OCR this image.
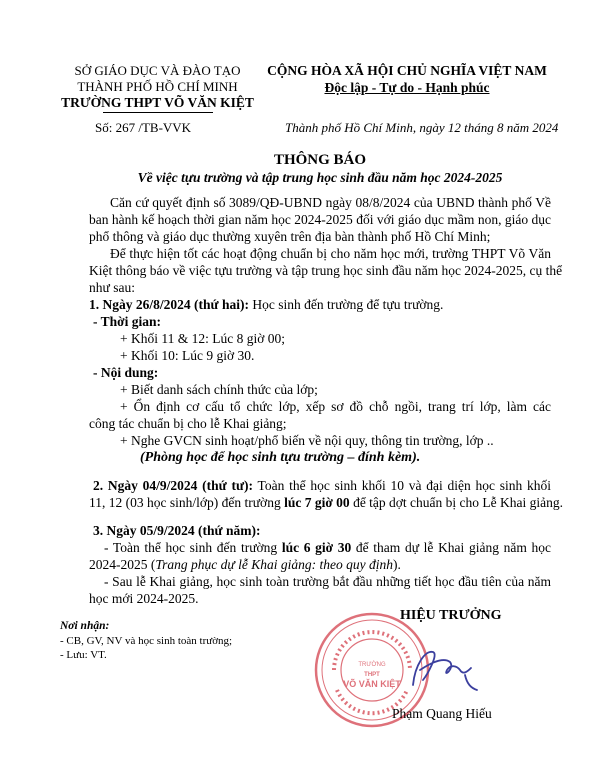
SỞ GIÁO DỤC VÀ ĐÀO TẠO
THÀNH PHỐ HỒ CHÍ MINH
TRƯỜNG THPT VÕ VĂN KIỆT
CỘNG HÒA XÃ HỘI CHỦ NGHĨA VIỆT NAM
Độc lập - Tự do - Hạnh phúc
Số: 267 /TB-VVK	Thành phố Hồ Chí Minh, ngày 12 tháng 8 năm 2024
THÔNG BÁO
Về việc tựu trường và tập trung học sinh đầu năm học 2024-2025
Căn cứ quyết định số 3089/QĐ-UBND ngày 08/8/2024 của UBND thành phố Về
ban hành kế hoạch thời gian năm học 2024-2025 đối với giáo dục mầm non, giáo dục
phổ thông và giáo dục thường xuyên trên địa bàn thành phố Hồ Chí Minh;
Để thực hiện tốt các hoạt động chuẩn bị cho năm học mới, trường THPT Võ Văn
Kiệt thông báo về việc tựu trường và tập trung học sinh đầu năm học 2024-2025, cụ thể
như sau:
1. Ngày 26/8/2024 (thứ hai): Học sinh đến trường để tựu trường.
- Thời gian:
+ Khối 11 & 12: Lúc 8 giờ 00;
+ Khối 10: Lúc 9 giờ 30.
- Nội dung:
+ Biết danh sách chính thức của lớp;
+ Ổn định cơ cấu tổ chức lớp, xếp sơ đồ chỗ ngồi, trang trí lớp, làm các
công tác chuẩn bị cho lễ Khai giảng;
+ Nghe GVCN sinh hoạt/phổ biến về nội quy, thông tin trường, lớp ..
(Phòng học để học sinh tựu trường – đính kèm).
2. Ngày 04/9/2024 (thứ tư): Toàn thể học sinh khối 10 và đại diện học sinh khối
11, 12 (03 học sinh/lớp) đến trường lúc 7 giờ 00 để tập dợt chuẩn bị cho Lễ Khai giảng.
3. Ngày 05/9/2024 (thứ năm):
- Toàn thể học sinh đến trường lúc 6 giờ 30 để tham dự lễ Khai giảng năm học
2024-2025 (Trang phục dự lễ Khai giảng: theo quy định).
- Sau lễ Khai giảng, học sinh toàn trường bắt đầu những tiết học đầu tiên của năm
học mới 2024-2025.
Nơi nhận:
- CB, GV, NV và học sinh toàn trường;
- Lưu: VT.
TRƯỜNG
THPT
VÕ VĂN KIỆT
HIỆU TRƯỞNG
Phạm Quang Hiếu
